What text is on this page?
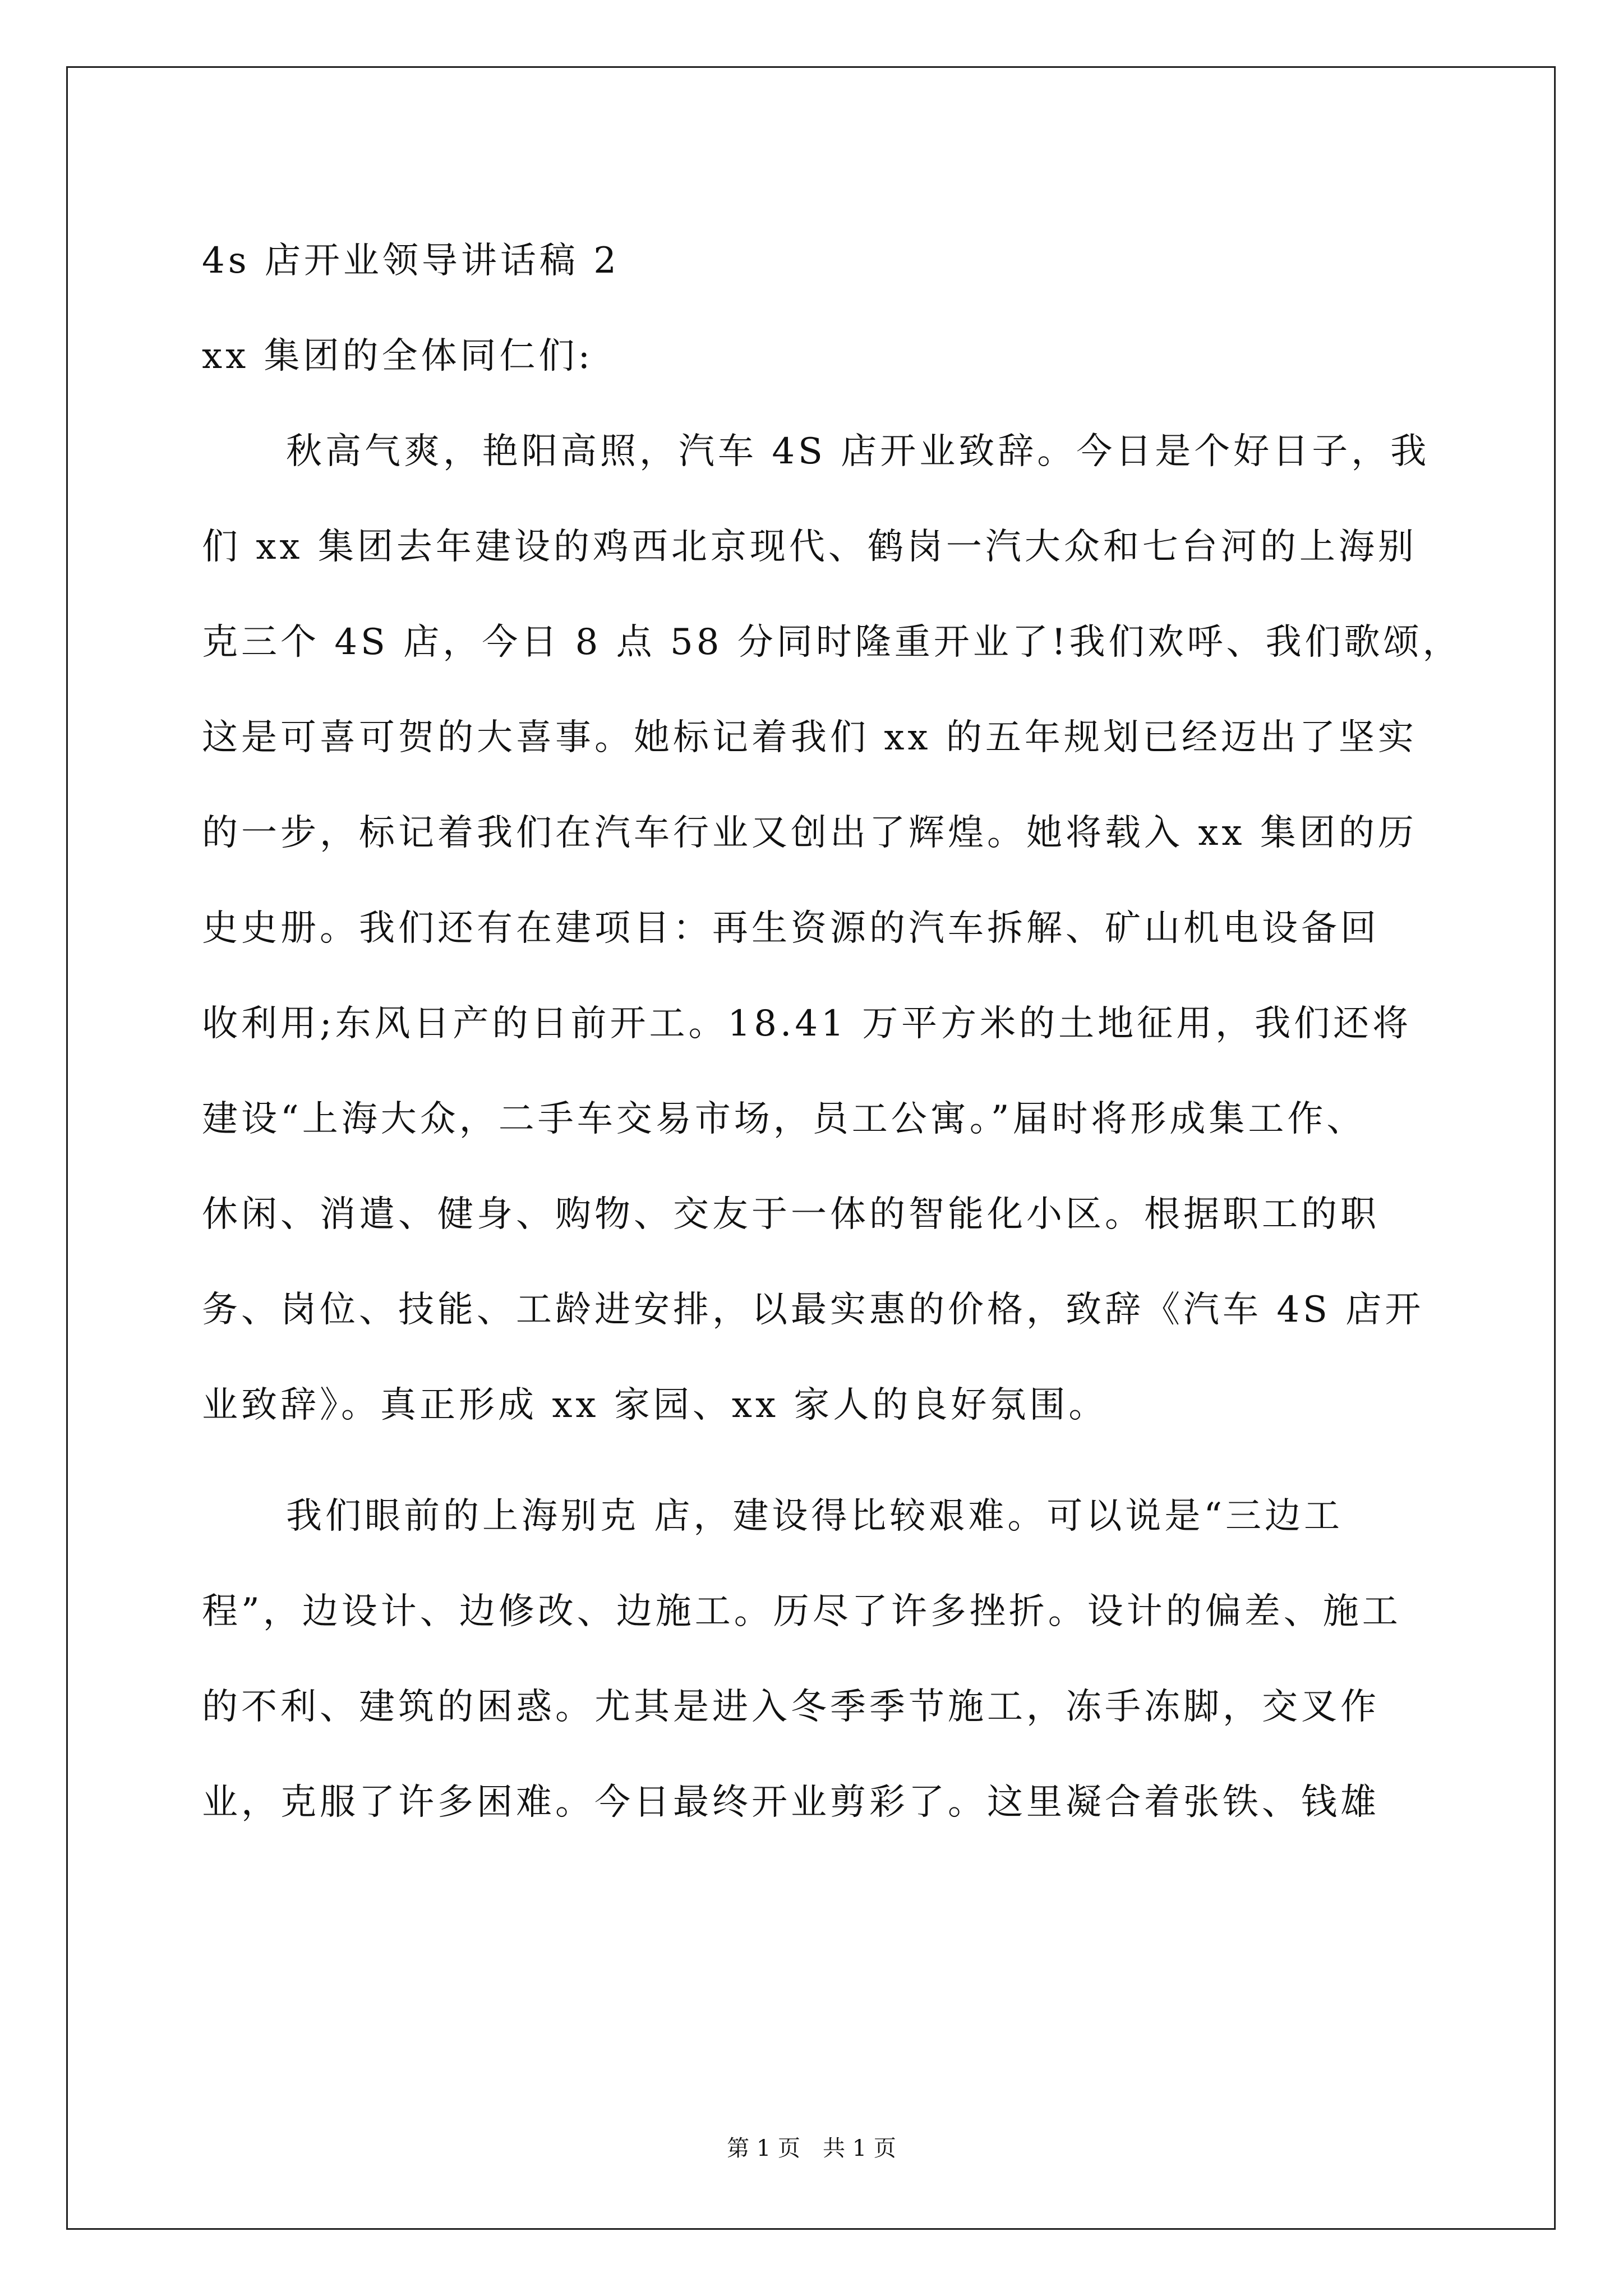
4s 店开业领导讲话稿 2
xx 集团的全体同仁们:
秋高气爽，艳阳高照，汽车 4S 店开业致辞。今日是个好日子，我
们 xx 集团去年建设的鸡西北京现代、鹤岗一汽大众和七台河的上海别
克三个 4S 店，今日 8 点 58 分同时隆重开业了!我们欢呼、我们歌颂，
这是可喜可贺的大喜事。她标记着我们 xx 的五年规划已经迈出了坚实
的一步，标记着我们在汽车行业又创出了辉煌。她将载入 xx 集团的历
史史册。我们还有在建项目：再生资源的汽车拆解、矿山机电设备回
收利用;东风日产的日前开工。18.41 万平方米的土地征用，我们还将
建设“上海大众，二手车交易市场，员工公寓。”届时将形成集工作、
休闲、消遣、健身、购物、交友于一体的智能化小区。根据职工的职
务、岗位、技能、工龄进安排，以最实惠的价格，致辞《汽车 4S 店开
业致辞》。真正形成 xx 家园、xx 家人的良好氛围。
我们眼前的上海别克 店，建设得比较艰难。可以说是“三边工
程”，边设计、边修改、边施工。历尽了许多挫折。设计的偏差、施工
的不利、建筑的困惑。尤其是进入冬季季节施工，冻手冻脚，交叉作
业，克服了许多困难。今日最终开业剪彩了。这里凝合着张铁、钱雄
第 1 页　共 1 页
